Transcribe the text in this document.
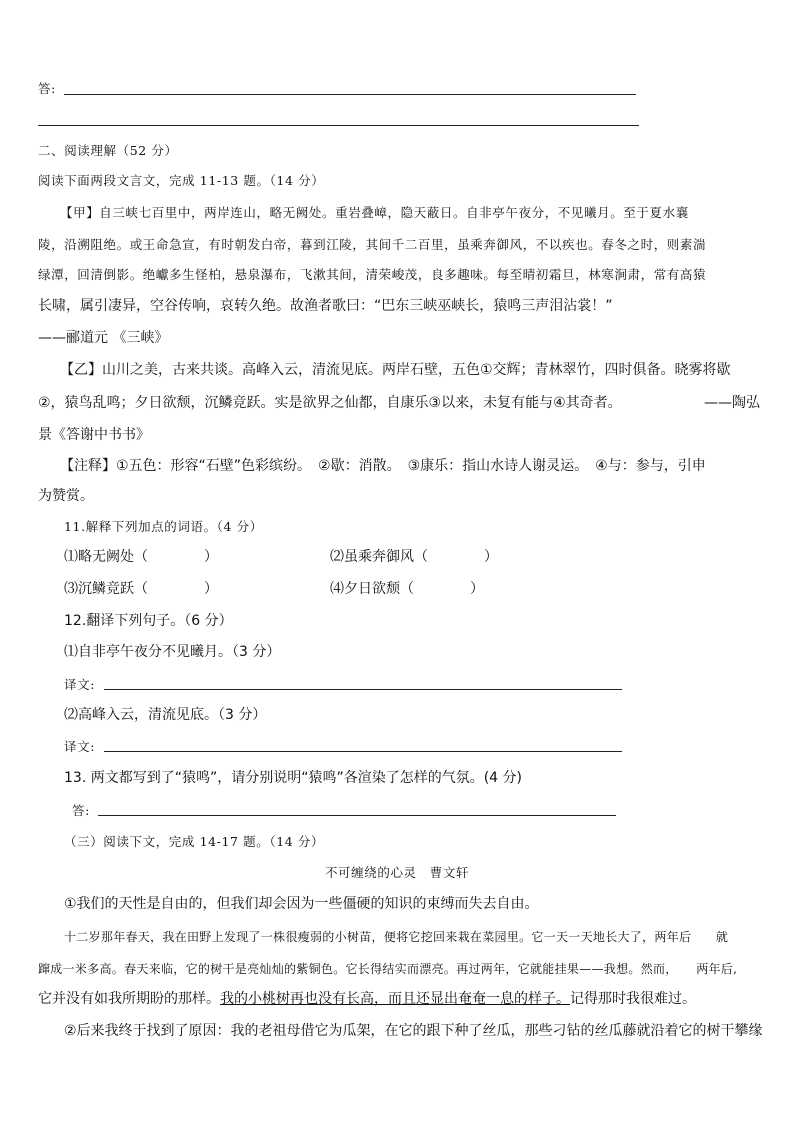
答:
二、阅读理解（52 分）
阅读下面两段文言文，完成 11-13 题。（14 分）
【甲】自三峡七百里中，两岸连山，略无阙处。重岩叠嶂，隐天蔽日。自非亭午夜分，不见曦月。至于夏水襄
陵，沿溯阻绝。或王命急宣，有时朝发白帝，暮到江陵，其间千二百里，虽乘奔御风，不以疾也。春冬之时，则素湍
绿潭，回清倒影。绝巘多生怪柏，悬泉瀑布，飞漱其间，清荣峻茂，良多趣味。每至晴初霜旦，林寒涧肃，常有高猿
长啸，属引凄异，空谷传响，哀转久绝。故渔者歌曰：“巴东三峡巫峡长，猿鸣三声泪沾裳！”
——郦道元 《三峡》
【乙】山川之美，古来共谈。高峰入云，清流见底。两岸石壁，五色①交辉；青林翠竹，四时俱备。晓雾将歇
②，猿鸟乱鸣；夕日欲颓，沉鳞竞跃。实是欲界之仙都，自康乐③以来，未复有能与④其奇者。	——陶弘
景《答谢中书书》
【注释】①五色：形容“石壁”色彩缤纷。　②歇：消散。　③康乐：指山水诗人谢灵运。　④与：参与，引申
为赞赏。
11.解释下列加点的词语。（4 分）
⑴略无阙处（　　　　）	⑵虽乘奔御风（　　　　）
⑶沉鳞竞跃（　　　　）	⑷夕日欲颓（　　　　）
12.翻译下列句子。（6 分）
⑴自非亭午夜分不见曦月。（3 分）
译文:
⑵高峰入云，清流见底。（3 分）
译文:
13. 两文都写到了“猿鸣”，请分别说明“猿鸣”各渲染了怎样的气氛。(4 分)
答:
（三）阅读下文，完成 14-17 题。（14 分）
不可缠绕的心灵　曹文轩
①我们的天性是自由的，但我们却会因为一些僵硬的知识的束缚而失去自由。
十二岁那年春天，我在田野上发现了一株很瘦弱的小树苗，便将它挖回来栽在菜园里。它一天一天地长大了，两年后　　就
蹿成一米多高。春天来临，它的树干是亮灿灿的紫铜色。它长得结实而漂亮。再过两年，它就能挂果——我想。然而，　　两年后,
它并没有如我所期盼的那样。我的小桃树再也没有长高，而且还显出奄奄一息的样子。记得那时我很难过。
②后来我终于找到了原因：我的老祖母借它为瓜架，在它的跟下种了丝瓜，那些刁钻的丝瓜藤就沿着它的树干攀缘
